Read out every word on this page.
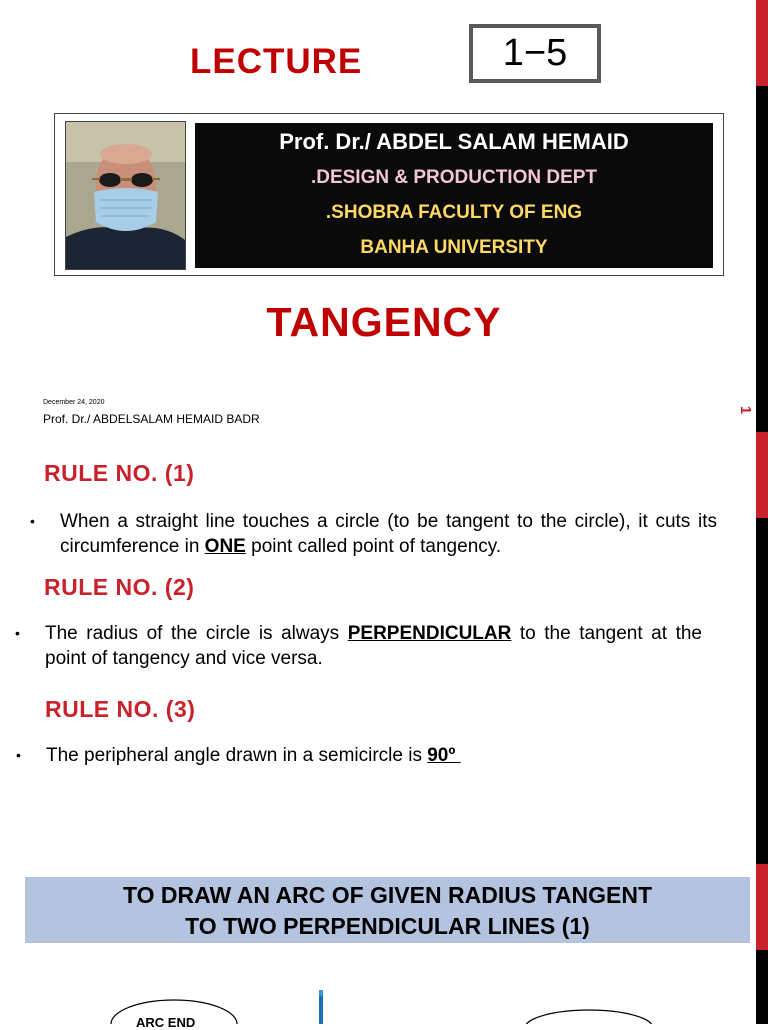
1
LECTURE	1−5
Prof. Dr./ ABDEL SALAM HEMAID
.DESIGN & PRODUCTION DEPT
.SHOBRA FACULTY OF ENG
BANHA UNIVERSITY
TANGENCY
December 24, 2020
Prof. Dr./ ABDELSALAM HEMAID BADR
RULE NO. (1)
• When a straight line touches a circle (to be tangent to the circle), it cuts its circumference in ONE point called point of tangency.
RULE NO. (2)
• The radius of the circle is always PERPENDICULAR to the tangent at the point of tangency and vice versa.
RULE NO. (3)
• The peripheral angle drawn in a semicircle is 90º
TO DRAW AN ARC OF GIVEN RADIUS TANGENT
TO TWO PERPENDICULAR LINES (1)
ARC END
